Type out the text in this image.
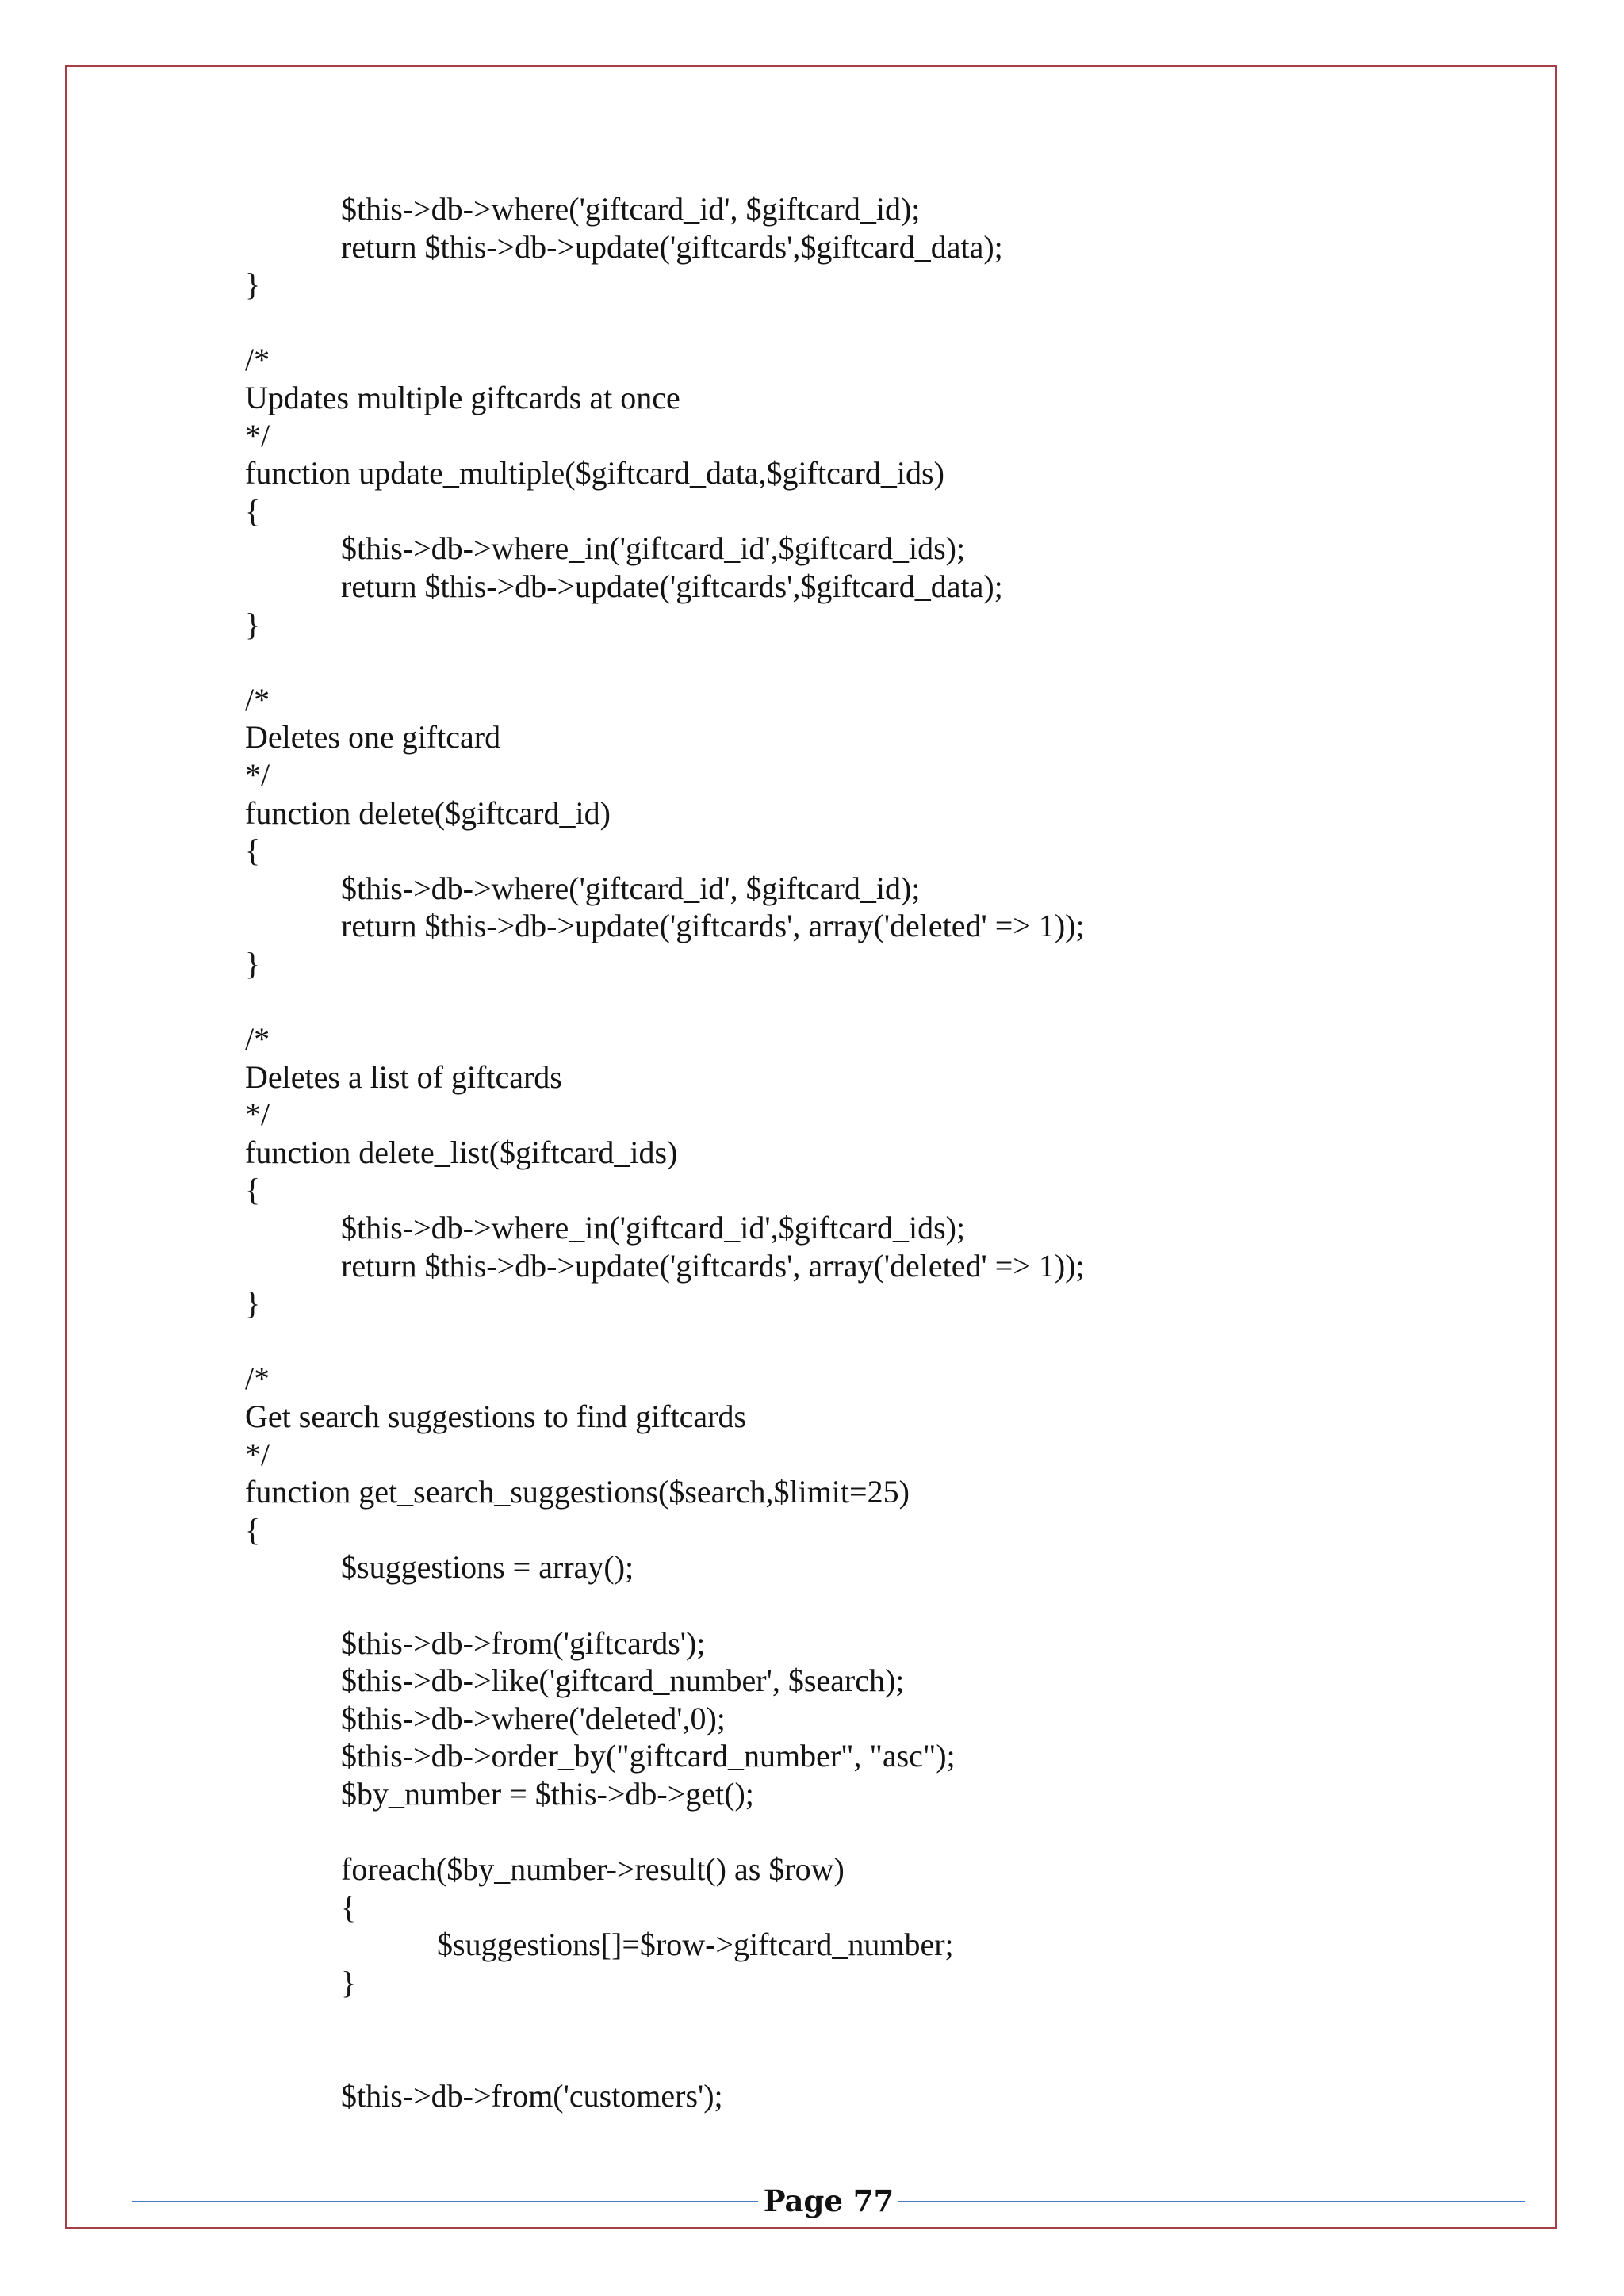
$this->db->where('giftcard_id', $giftcard_id);
return $this->db->update('giftcards',$giftcard_data);
}
/*
Updates multiple giftcards at once
*/
function update_multiple($giftcard_data,$giftcard_ids)
{
$this->db->where_in('giftcard_id',$giftcard_ids);
return $this->db->update('giftcards',$giftcard_data);
}
/*
Deletes one giftcard
*/
function delete($giftcard_id)
{
$this->db->where('giftcard_id', $giftcard_id);
return $this->db->update('giftcards', array('deleted' => 1));
}
/*
Deletes a list of giftcards
*/
function delete_list($giftcard_ids)
{
$this->db->where_in('giftcard_id',$giftcard_ids);
return $this->db->update('giftcards', array('deleted' => 1));
}
/*
Get search suggestions to find giftcards
*/
function get_search_suggestions($search,$limit=25)
{
$suggestions = array();
$this->db->from('giftcards');
$this->db->like('giftcard_number', $search);
$this->db->where('deleted',0);
$this->db->order_by("giftcard_number", "asc");
$by_number = $this->db->get();
foreach($by_number->result() as $row)
{
$suggestions[]=$row->giftcard_number;
}
$this->db->from('customers');
Page 77
